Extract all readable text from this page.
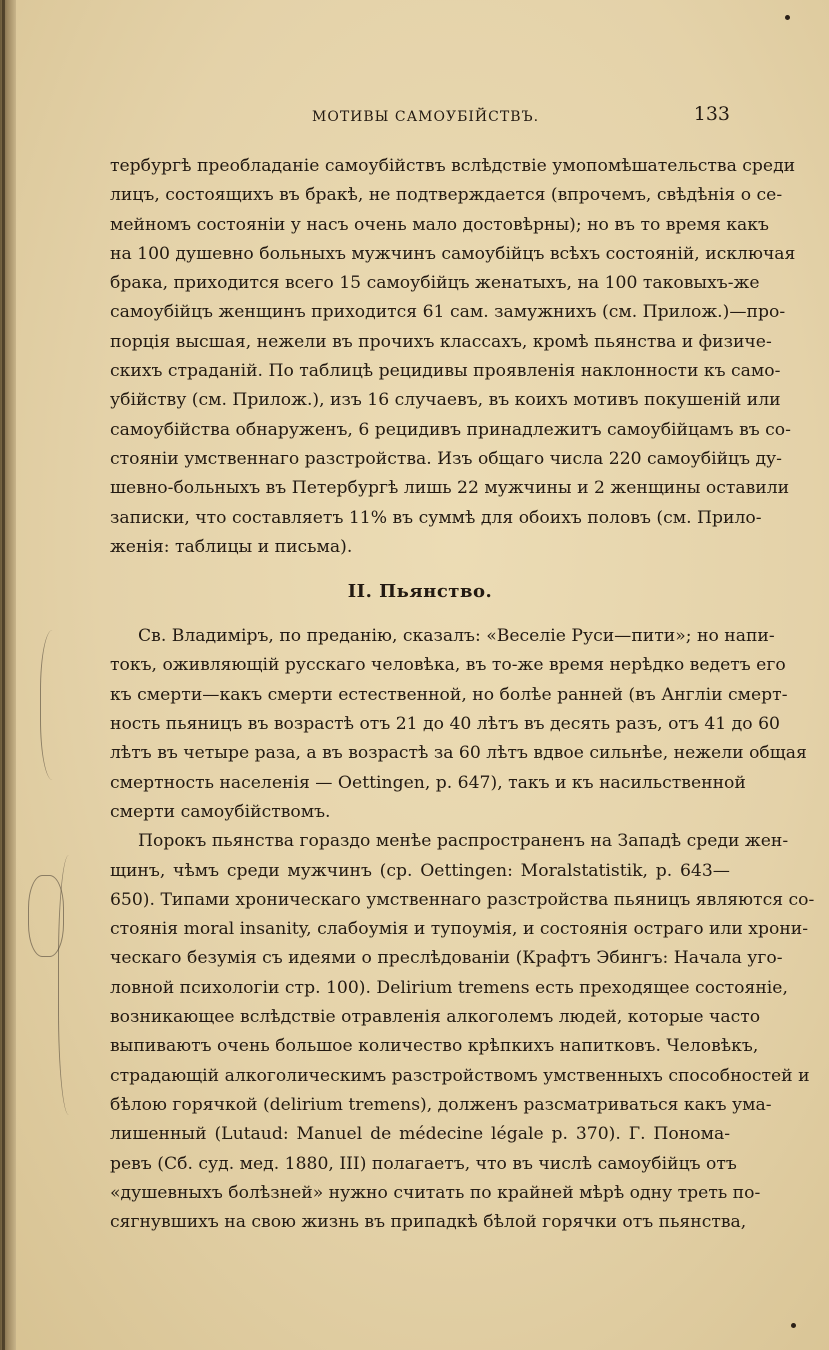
МОТИВЫ САМОУБІЙСТВЪ.	133
тербургѣ преобладаніе самоубійствъ вслѣдствіе умопомѣшательства среди
лицъ, состоящихъ въ бракѣ, не подтверждается (впрочемъ, свѣдѣнія о се-
мейномъ состояніи у насъ очень мало достовѣрны); но въ то время какъ
на 100 душевно больныхъ мужчинъ самоубійцъ всѣхъ состояній, исключая
брака, приходится всего 15 самоубійцъ женатыхъ, на 100 таковыхъ-же
самоубійцъ женщинъ приходится 61 сам. замужнихъ (см. Прилож.)—про-
порція высшая, нежели въ прочихъ классахъ, кромѣ пьянства и физиче-
скихъ страданій. По таблицѣ рецидивы проявленія наклонности къ само-
убійству (см. Прилож.), изъ 16 случаевъ, въ коихъ мотивъ покушеній или
самоубійства обнаруженъ, 6 рецидивъ принадлежитъ самоубійцамъ въ со-
стояніи умственнаго разстройства. Изъ общаго числа 220 самоубійцъ ду-
шевно-больныхъ въ Петербургѣ лишь 22 мужчины и 2 женщины оставили
записки, что составляетъ 11% въ суммѣ для обоихъ половъ (см. Прило-
женія: таблицы и письма).
II. Пьянство.
Св. Владиміръ, по преданію, сказалъ: «Веселіе Руси—пити»; но напи-
токъ, оживляющій русскаго человѣка, въ то-же время нерѣдко ведетъ его
къ смерти—какъ смерти естественной, но болѣе ранней (въ Англіи смерт-
ность пьяницъ въ возрастѣ отъ 21 до 40 лѣтъ въ десять разъ, отъ 41 до 60
лѣтъ въ четыре раза, а въ возрастѣ за 60 лѣтъ вдвое сильнѣе, нежели общая
смертность населенія — Oettingen, p. 647), такъ и къ насильственной
смерти самоубійствомъ.
Порокъ пьянства гораздо менѣе распространенъ на Западѣ среди жен-
щинъ, чѣмъ среди мужчинъ (ср. Oettingen: Moralstatistik, p. 643—
650). Типами хроническаго умственнаго разстройства пьяницъ являются со-
стоянія moral insanity, слабоумія и тупоумія, и состоянія остраго или хрони-
ческаго безумія съ идеями о преслѣдованіи (Крафтъ Эбингъ: Начала уго-
ловной психологіи стр. 100). Delirium tremens есть преходящее состояніе,
возникающее вслѣдствіе отравленія алкоголемъ людей, которые часто
выпиваютъ очень большое количество крѣпкихъ напитковъ. Человѣкъ,
страдающій алкоголическимъ разстройствомъ умственныхъ способностей и
бѣлою горячкой (delirium tremens), долженъ разсматриваться какъ ума-
лишенный (Lutaud: Manuel de médecine légale p. 370). Г. Понома-
ревъ (Сб. суд. мед. 1880, III) полагаетъ, что въ числѣ самоубійцъ отъ
«душевныхъ болѣзней» нужно считать по крайней мѣрѣ одну треть по-
сягнувшихъ на свою жизнь въ припадкѣ бѣлой горячки отъ пьянства,
